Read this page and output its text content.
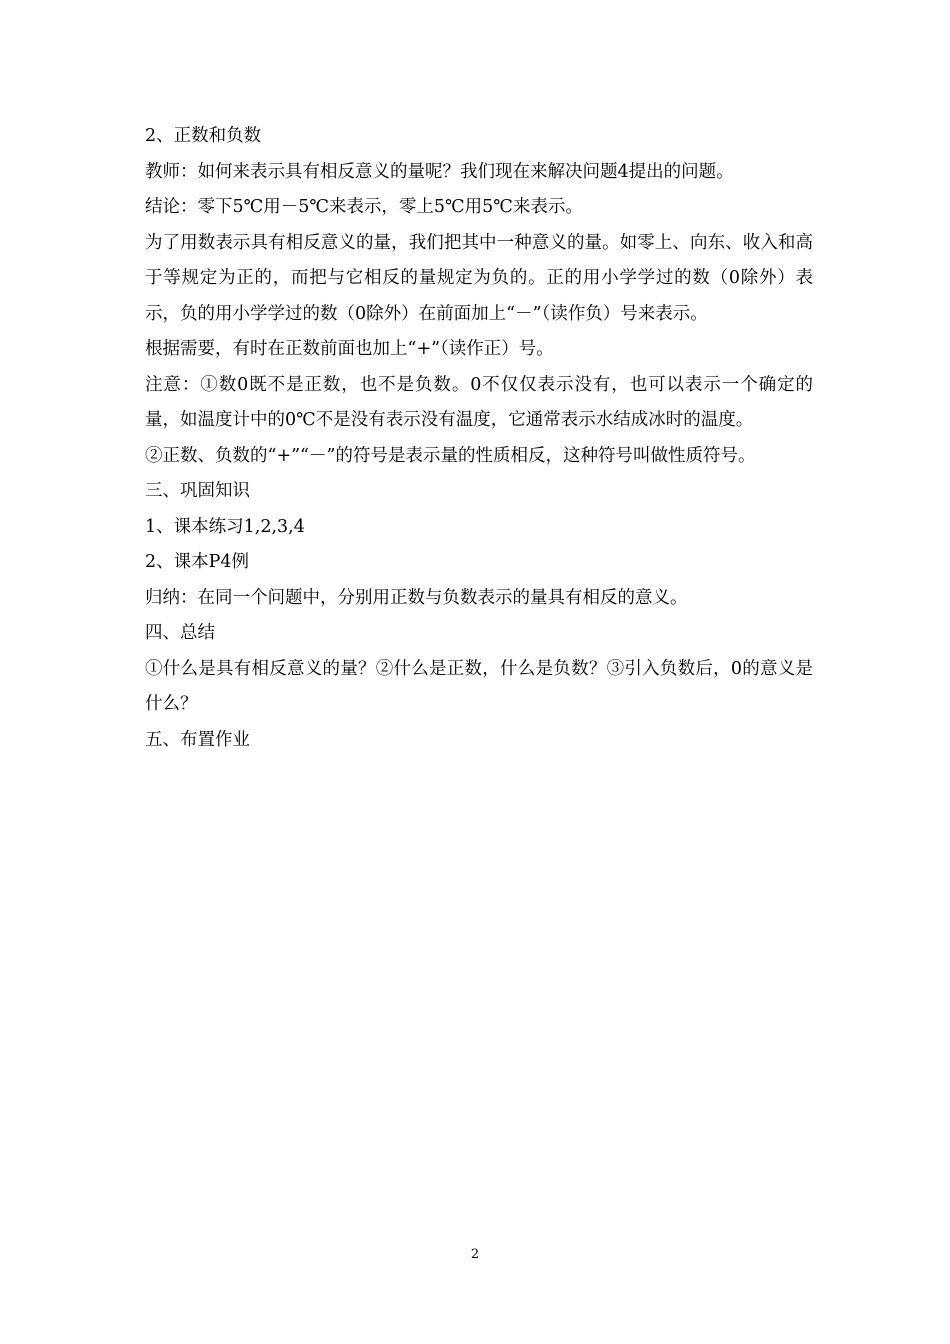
2、正数和负数

教师：如何来表示具有相反意义的量呢？我们现在来解决问题4提出的问题。

结论：零下5℃用－5℃来表示，零上5℃用5℃来表示。

为了用数表示具有相反意义的量，我们把其中一种意义的量。如零上、向东、收入和高于等规定为正的，而把与它相反的量规定为负的。正的用小学学过的数（0除外）表示，负的用小学学过的数（0除外）在前面加上“－”（读作负）号来表示。

根据需要，有时在正数前面也加上“+”（读作正）号。

注意：①数0既不是正数，也不是负数。0不仅仅表示没有，也可以表示一个确定的量，如温度计中的0℃不是没有表示没有温度，它通常表示水结成冰时的温度。

②正数、负数的“+”“－”的符号是表示量的性质相反，这种符号叫做性质符号。

三、巩固知识

1、课本练习1,2,3,4

2、课本P4例

归纳：在同一个问题中，分别用正数与负数表示的量具有相反的意义。

四、总结

①什么是具有相反意义的量？②什么是正数，什么是负数？③引入负数后，0的意义是什么？

五、布置作业

2
